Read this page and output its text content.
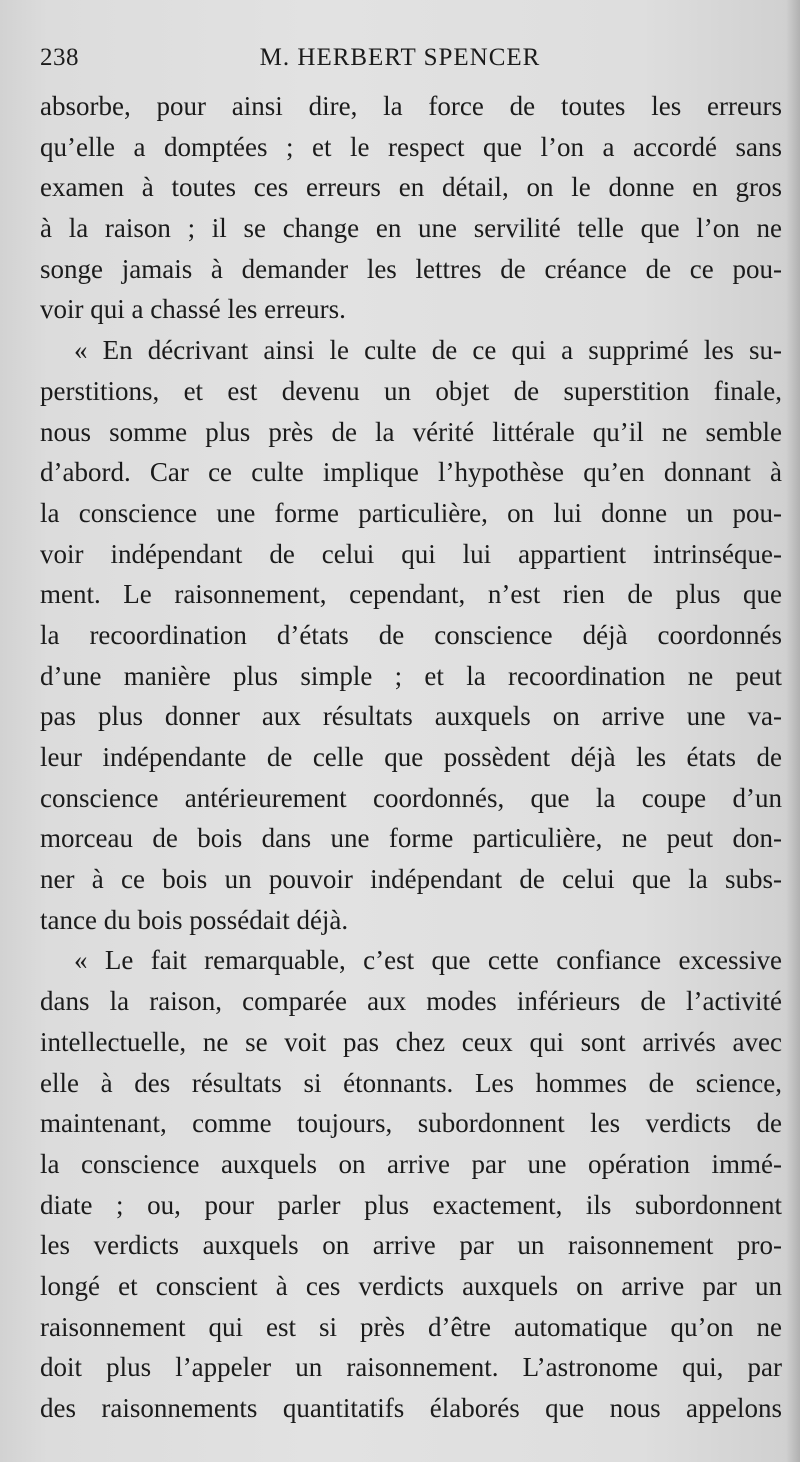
238	M. HERBERT SPENCER
absorbe, pour ainsi dire, la force de toutes les erreurs
qu’elle a domptées ; et le respect que l’on a accordé sans
examen à toutes ces erreurs en détail, on le donne en gros
à la raison ; il se change en une servilité telle que l’on ne
songe jamais à demander les lettres de créance de ce pou-
voir qui a chassé les erreurs.
« En décrivant ainsi le culte de ce qui a supprimé les su-
perstitions, et est devenu un objet de superstition finale,
nous somme plus près de la vérité littérale qu’il ne semble
d’abord. Car ce culte implique l’hypothèse qu’en donnant à
la conscience une forme particulière, on lui donne un pou-
voir indépendant de celui qui lui appartient intrinséque-
ment. Le raisonnement, cependant, n’est rien de plus que
la recoordination d’états de conscience déjà coordonnés
d’une manière plus simple ; et la recoordination ne peut
pas plus donner aux résultats auxquels on arrive une va-
leur indépendante de celle que possèdent déjà les états de
conscience antérieurement coordonnés, que la coupe d’un
morceau de bois dans une forme particulière, ne peut don-
ner à ce bois un pouvoir indépendant de celui que la subs-
tance du bois possédait déjà.
« Le fait remarquable, c’est que cette confiance excessive
dans la raison, comparée aux modes inférieurs de l’activité
intellectuelle, ne se voit pas chez ceux qui sont arrivés avec
elle à des résultats si étonnants. Les hommes de science,
maintenant, comme toujours, subordonnent les verdicts de
la conscience auxquels on arrive par une opération immé-
diate ; ou, pour parler plus exactement, ils subordonnent
les verdicts auxquels on arrive par un raisonnement pro-
longé et conscient à ces verdicts auxquels on arrive par un
raisonnement qui est si près d’être automatique qu’on ne
doit plus l’appeler un raisonnement. L’astronome qui, par
des raisonnements quantitatifs élaborés que nous appelons
